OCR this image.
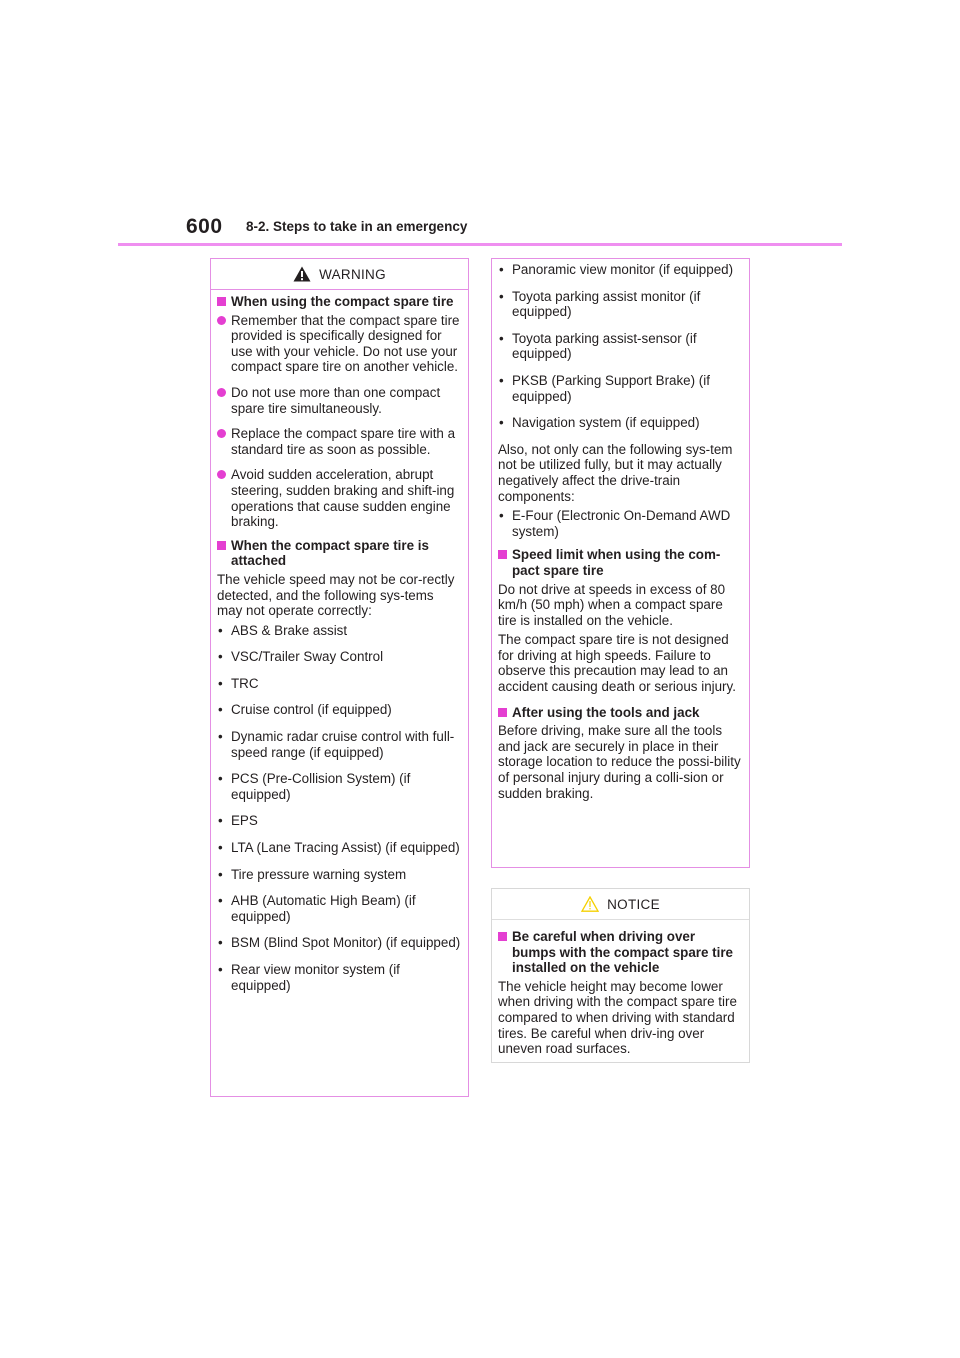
600 8-2. Steps to take in an emergency
WARNING
When using the compact spare tire
Remember that the compact spare tire provided is specifically designed for use with your vehicle. Do not use your compact spare tire on another vehicle.
Do not use more than one compact spare tire simultaneously.
Replace the compact spare tire with a standard tire as soon as possible.
Avoid sudden acceleration, abrupt steering, sudden braking and shift-ing operations that cause sudden engine braking.
When the compact spare tire is attached
The vehicle speed may not be cor-rectly detected, and the following sys-tems may not operate correctly:
• ABS & Brake assist
• VSC/Trailer Sway Control
• TRC
• Cruise control (if equipped)
• Dynamic radar cruise control with full-speed range (if equipped)
• PCS (Pre-Collision System) (if equipped)
• EPS
• LTA (Lane Tracing Assist) (if equipped)
• Tire pressure warning system
• AHB (Automatic High Beam) (if equipped)
• BSM (Blind Spot Monitor) (if equipped)
• Rear view monitor system (if equipped)
• Panoramic view monitor (if equipped)
• Toyota parking assist monitor (if equipped)
• Toyota parking assist-sensor (if equipped)
• PKSB (Parking Support Brake) (if equipped)
• Navigation system (if equipped)
Also, not only can the following sys-tem not be utilized fully, but it may actually negatively affect the drive-train components:
• E-Four (Electronic On-Demand AWD system)
Speed limit when using the com-pact spare tire
Do not drive at speeds in excess of 80 km/h (50 mph) when a compact spare tire is installed on the vehicle.
The compact spare tire is not designed for driving at high speeds. Failure to observe this precaution may lead to an accident causing death or serious injury.
After using the tools and jack
Before driving, make sure all the tools and jack are securely in place in their storage location to reduce the possi-bility of personal injury during a colli-sion or sudden braking.
NOTICE
Be careful when driving over bumps with the compact spare tire installed on the vehicle
The vehicle height may become lower when driving with the compact spare tire compared to when driving with standard tires. Be careful when driv-ing over uneven road surfaces.
